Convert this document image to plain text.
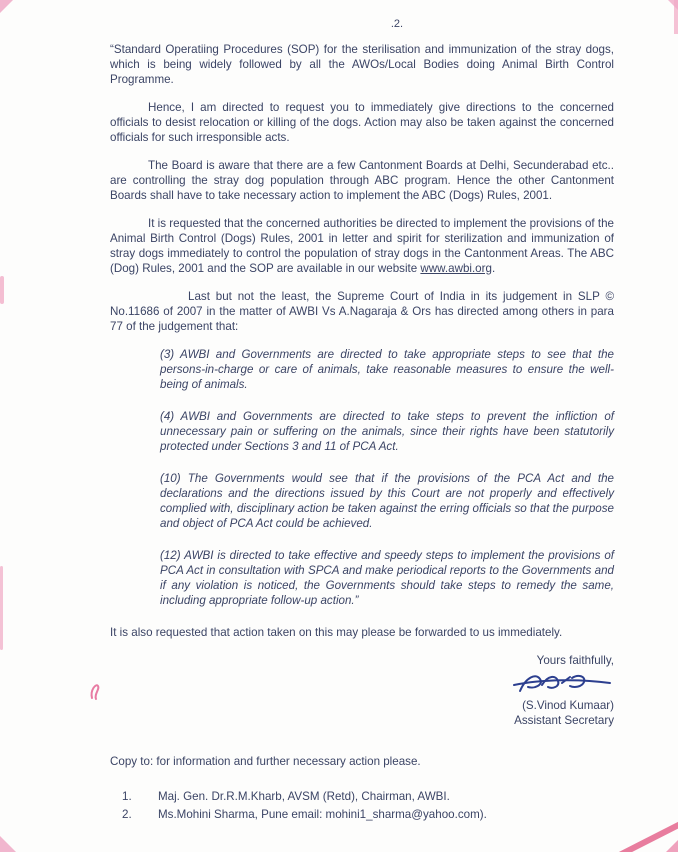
.2.

“Standard Operatiing Procedures (SOP) for the sterilisation and immunization of the stray dogs, which is being widely followed by all the AWOs/Local Bodies doing Animal Birth Control Programme.

Hence, I am directed to request you to immediately give directions to the concerned officials to desist relocation or killing of the dogs. Action may also be taken against the concerned officials for such irresponsible acts.

The Board is aware that there are a few Cantonment Boards at Delhi, Secunderabad etc.. are controlling the stray dog population through ABC program. Hence the other Cantonment Boards shall have to take necessary action to implement the ABC (Dogs) Rules, 2001.

It is requested that the concerned authorities be directed to implement the provisions of the Animal Birth Control (Dogs) Rules, 2001 in letter and spirit for sterilization and immunization of stray dogs immediately to control the population of stray dogs in the Cantonment Areas. The ABC (Dog) Rules, 2001 and the SOP are available in our website www.awbi.org.

Last but not the least, the Supreme Court of India in its judgement in SLP © No.11686 of 2007 in the matter of AWBI Vs A.Nagaraja & Ors has directed among others in para 77 of the judgement that:

(3) AWBI and Governments are directed to take appropriate steps to see that the persons-in-charge or care of animals, take reasonable measures to ensure the well-being of animals.

(4) AWBI and Governments are directed to take steps to prevent the infliction of unnecessary pain or suffering on the animals, since their rights have been statutorily protected under Sections 3 and 11 of PCA Act.

(10) The Governments would see that if the provisions of the PCA Act and the declarations and the directions issued by this Court are not properly and effectively complied with, disciplinary action be taken against the erring officials so that the purpose and object of PCA Act could be achieved.

(12) AWBI is directed to take effective and speedy steps to implement the provisions of PCA Act in consultation with SPCA and make periodical reports to the Governments and if any violation is noticed, the Governments should take steps to remedy the same, including appropriate follow-up action.”

It is also requested that action taken on this may please be forwarded to us immediately.

Yours faithfully,
(S.Vinod Kumaar)
Assistant Secretary
Copy to: for information and further necessary action please.
1.	Maj. Gen. Dr.R.M.Kharb, AVSM (Retd), Chairman, AWBI.
2.	Ms.Mohini Sharma, Pune email: mohini1_sharma@yahoo.com).
